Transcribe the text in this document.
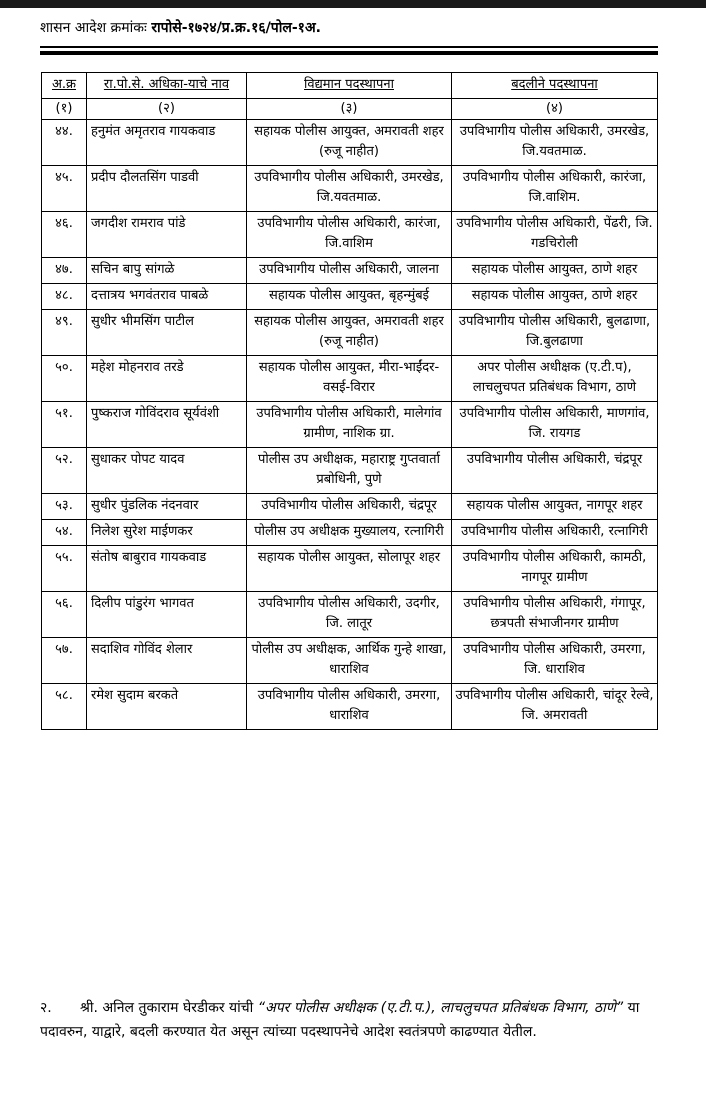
शासन आदेश क्रमांकः रापोसे-१७२४/प्र.क्र.१६/पोल-१अ.
अ.क्र	रा.पो.से. अधिका-याचे नाव	विद्यमान पदस्थापना	बदलीने पदस्थापना
(१)	(२)	(३)	(४)
४४.	हनुमंत अमृतराव गायकवाड	सहायक पोलीस आयुक्त, अमरावती शहर (रुजू नाहीत)	उपविभागीय पोलीस अधिकारी, उमरखेड, जि.यवतमाळ.
४५.	प्रदीप दौलतसिंग पाडवी	उपविभागीय पोलीस अधिकारी, उमरखेड, जि.यवतमाळ.	उपविभागीय पोलीस अधिकारी, कारंजा, जि.वाशिम.
४६.	जगदीश रामराव पांडे	उपविभागीय पोलीस अधिकारी, कारंजा, जि.वाशिम	उपविभागीय पोलीस अधिकारी, पेंढरी, जि. गडचिरोली
४७.	सचिन बापु सांगळे	उपविभागीय पोलीस अधिकारी, जालना	सहायक पोलीस आयुक्त, ठाणे शहर
४८.	दत्तात्रय भगवंतराव पाबळे	सहायक पोलीस आयुक्त, बृहन्मुंबई	सहायक पोलीस आयुक्त, ठाणे शहर
४९.	सुधीर भीमसिंग पाटील	सहायक पोलीस आयुक्त, अमरावती शहर (रुजू नाहीत)	उपविभागीय पोलीस अधिकारी, बुलढाणा, जि.बुलढाणा
५०.	महेश मोहनराव तरडे	सहायक पोलीस आयुक्त, मीरा-भाईंदर-वसई-विरार	अपर पोलीस अधीक्षक (ए.टी.प), लाचलुचपत प्रतिबंधक विभाग, ठाणे
५१.	पुष्कराज गोविंदराव सूर्यवंशी	उपविभागीय पोलीस अधिकारी, मालेगांव ग्रामीण, नाशिक ग्रा.	उपविभागीय पोलीस अधिकारी, माणगांव, जि. रायगड
५२.	सुधाकर पोपट यादव	पोलीस उप अधीक्षक, महाराष्ट्र गुप्तवार्ता प्रबोधिनी, पुणे	उपविभागीय पोलीस अधिकारी, चंद्रपूर
५३.	सुधीर पुंडलिक नंदनवार	उपविभागीय पोलीस अधिकारी, चंद्रपूर	सहायक पोलीस आयुक्त, नागपूर शहर
५४.	निलेश सुरेश माईणकर	पोलीस उप अधीक्षक मुख्यालय, रत्नागिरी	उपविभागीय पोलीस अधिकारी, रत्नागिरी
५५.	संतोष बाबुराव गायकवाड	सहायक पोलीस आयुक्त, सोलापूर शहर	उपविभागीय पोलीस अधिकारी, कामठी, नागपूर ग्रामीण
५६.	दिलीप पांडुरंग भागवत	उपविभागीय पोलीस अधिकारी, उदगीर, जि. लातूर	उपविभागीय पोलीस अधिकारी, गंगापूर, छत्रपती संभाजीनगर ग्रामीण
५७.	सदाशिव गोविंद शेलार	पोलीस उप अधीक्षक, आर्थिक गुन्हे शाखा, धाराशिव	उपविभागीय पोलीस अधिकारी, उमरगा, जि. धाराशिव
५८.	रमेश सुदाम बरकते	उपविभागीय पोलीस अधिकारी, उमरगा, धाराशिव	उपविभागीय पोलीस अधिकारी, चांदूर रेल्वे, जि. अमरावती
२. श्री. अनिल तुकाराम घेरडीकर यांची “अपर पोलीस अधीक्षक (ए.टी.प.), लाचलुचपत प्रतिबंधक विभाग, ठाणे” या पदावरुन, याद्वारे, बदली करण्यात येत असून त्यांच्या पदस्थापनेचे आदेश स्वतंत्रपणे काढण्यात येतील.
